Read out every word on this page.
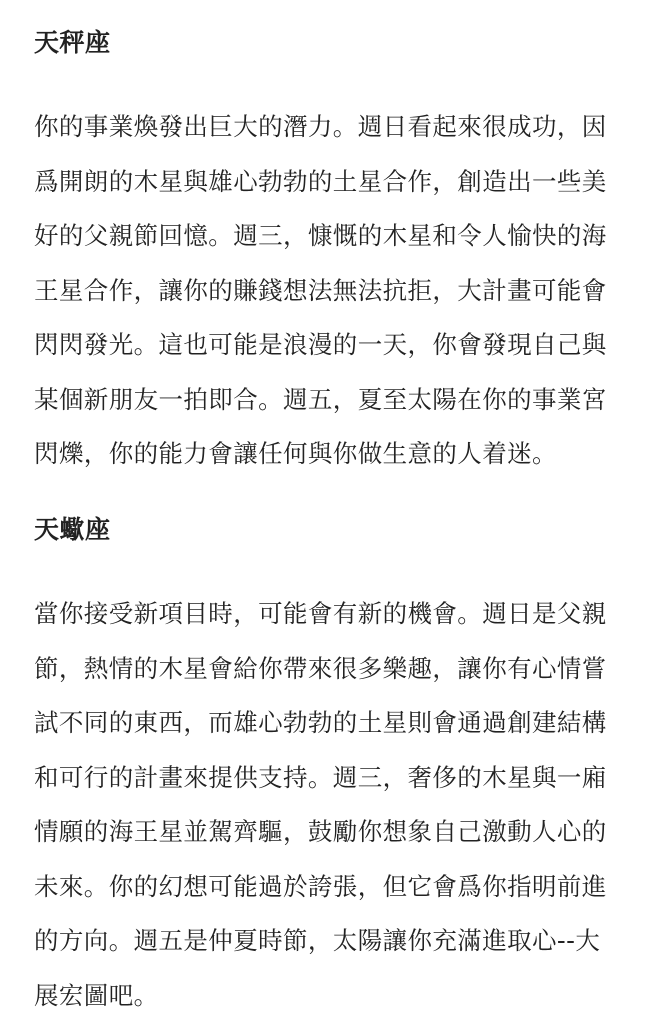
天秤座

你的事業煥發出巨大的潛力。週日看起來很成功，因
爲開朗的木星與雄心勃勃的土星合作，創造出一些美
好的父親節回憶。週三，慷慨的木星和令人愉快的海
王星合作，讓你的賺錢想法無法抗拒，大計畫可能會
閃閃發光。這也可能是浪漫的一天，你會發現自己與
某個新朋友一拍即合。週五，夏至太陽在你的事業宮
閃爍，你的能力會讓任何與你做生意的人着迷。

天蠍座

當你接受新項目時，可能會有新的機會。週日是父親
節，熱情的木星會給你帶來很多樂趣，讓你有心情嘗
試不同的東西，而雄心勃勃的土星則會通過創建結構
和可行的計畫來提供支持。週三，奢侈的木星與一廂
情願的海王星並駕齊驅，鼓勵你想象自己激動人心的
未來。你的幻想可能過於誇張，但它會爲你指明前進
的方向。週五是仲夏時節，太陽讓你充滿進取心--大
展宏圖吧。
